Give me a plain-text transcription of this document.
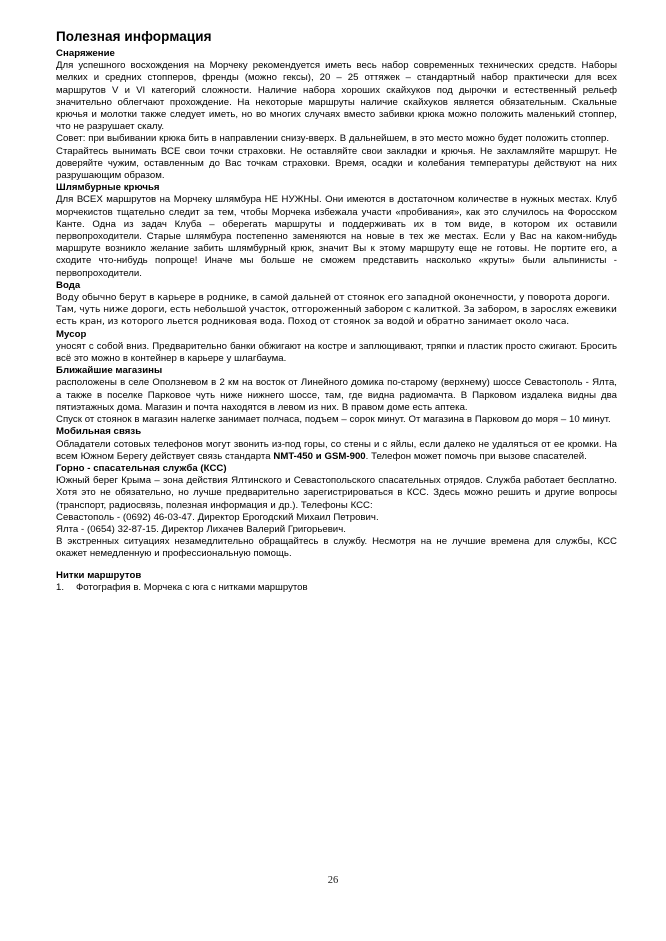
Полезная информация
Снаряжение

Для успешного восхождения на Морчеку рекомендуется иметь весь набор современных технических средств. Наборы мелких и средних стопперов, френды (можно гексы), 20 – 25 оттяжек – стандартный набор практически для всех маршрутов V и VI категорий сложности. Наличие набора хороших скайхуков под дырочки и естественный рельеф значительно облегчают прохождение. На некоторые маршруты наличие скайхуков является обязательным. Скальные крючья и молотки также следует иметь, но во многих случаях вместо забивки крюка можно положить маленький стоппер, что не разрушает скалу.

Совет: при выбивании крюка бить в направлении снизу-вверх. В дальнейшем, в это место можно будет положить стоппер.

Старайтесь вынимать ВСЕ свои точки страховки. Не оставляйте свои закладки и крючья. Не захламляйте маршрут. Не доверяйте чужим, оставленным до Вас точкам страховки. Время, осадки и колебания температуры действуют на них разрушающим образом.

Шлямбурные крючья

Для ВСЕХ маршрутов на Морчеку шлямбура НЕ НУЖНЫ. Они имеются в достаточном количестве в нужных местах. Клуб морчекистов тщательно следит за тем, чтобы Морчека избежала участи «пробивания», как это случилось на Форосском Канте. Одна из задач Клуба – оберегать маршруты и поддерживать их в том виде, в котором их оставили первопроходители. Старые шлямбура постепенно заменяются на новые в тех же местах. Если у Вас на каком-нибудь маршруте возникло желание забить шлямбурный крюк, значит Вы к этому маршруту еще не готовы. Не портите его, а сходите что-нибудь попроще! Иначе мы больше не сможем представить насколько «круты» были альпинисты - первопроходители.

Вода

Воду обычно берут в карьере в роднике, в самой дальней от стоянок его западной оконечности, у поворота дороги. Там, чуть ниже дороги, есть небольшой участок, отгороженный забором с калиткой. За забором, в зарослях ежевики есть кран, из которого льется родниковая вода. Поход от стоянок за водой и обратно занимает около часа.

Мусор

уносят с собой вниз. Предварительно банки обжигают на костре и заплющивают, тряпки и пластик просто сжигают. Бросить всё это можно в контейнер в карьере у шлагбаума.

Ближайшие магазины

расположены в селе Оползневом в 2 км на восток от Линейного домика по-старому (верхнему) шоссе Севастополь - Ялта, а также в поселке Парковое чуть ниже нижнего шоссе, там, где видна радиомачта. В Парковом издалека видны два пятиэтажных дома. Магазин и почта находятся в левом из них. В правом доме есть аптека.

Спуск от стоянок в магазин налегке занимает полчаса, подъем – сорок минут. От магазина в Парковом до моря – 10 минут.

Мобильная связь

Обладатели сотовых телефонов могут звонить из-под горы, со стены и с яйлы, если далеко не удаляться от ее кромки. На всем Южном Берегу действует связь стандарта NMT-450 и GSM-900. Телефон может помочь при вызове спасателей.

Горно - спасательная служба (КСС)

Южный берег Крыма – зона действия Ялтинского и Севастопольского спасательных отрядов. Служба работает бесплатно. Хотя это не обязательно, но лучше предварительно зарегистрироваться в КСС. Здесь можно решить и другие вопросы (транспорт, радиосвязь, полезная информация и др.). Телефоны КСС:

Севастополь - (0692) 46-03-47. Директор Ерогодский Михаил Петрович.

Ялта - (0654) 32-87-15. Директор Лихачев Валерий Григорьевич.

В экстренных ситуациях незамедлительно обращайтесь в службу. Несмотря на не лучшие времена для службы, КСС окажет немедленную и профессиональную помощь.

Нитки маршрутов
1. Фотография в. Морчека с юга с нитками маршрутов
26
